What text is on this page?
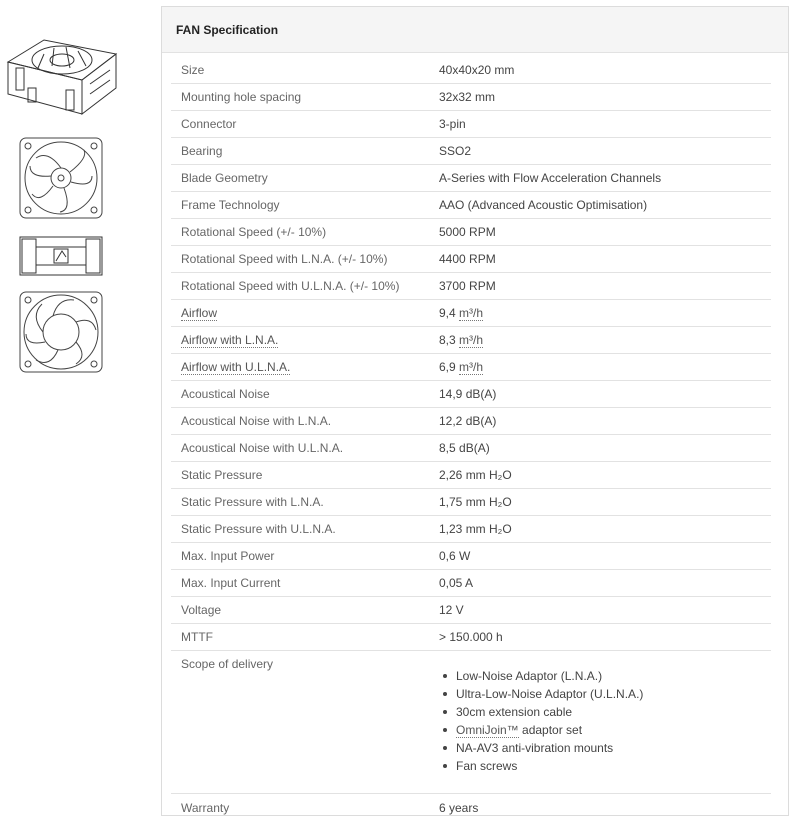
FAN Specification
Size	40x40x20 mm
Mounting hole spacing	32x32 mm
Connector	3-pin
Bearing	SSO2
Blade Geometry	A-Series with Flow Acceleration Channels
Frame Technology	AAO (Advanced Acoustic Optimisation)
Rotational Speed (+/- 10%)	5000 RPM
Rotational Speed with L.N.A. (+/- 10%)	4400 RPM
Rotational Speed with U.L.N.A. (+/- 10%)	3700 RPM
Airflow	9,4 m³/h
Airflow with L.N.A.	8,3 m³/h
Airflow with U.L.N.A.	6,9 m³/h
Acoustical Noise	14,9 dB(A)
Acoustical Noise with L.N.A.	12,2 dB(A)
Acoustical Noise with U.L.N.A.	8,5 dB(A)
Static Pressure	2,26 mm H₂O
Static Pressure with L.N.A.	1,75 mm H₂O
Static Pressure with U.L.N.A.	1,23 mm H₂O
Max. Input Power	0,6 W
Max. Input Current	0,05 A
Voltage	12 V
MTTF	> 150.000 h
Scope of delivery
Low-Noise Adaptor (L.N.A.)
Ultra-Low-Noise Adaptor (U.L.N.A.)
30cm extension cable
OmniJoin™ adaptor set
NA-AV3 anti-vibration mounts
Fan screws
Warranty	6 years
